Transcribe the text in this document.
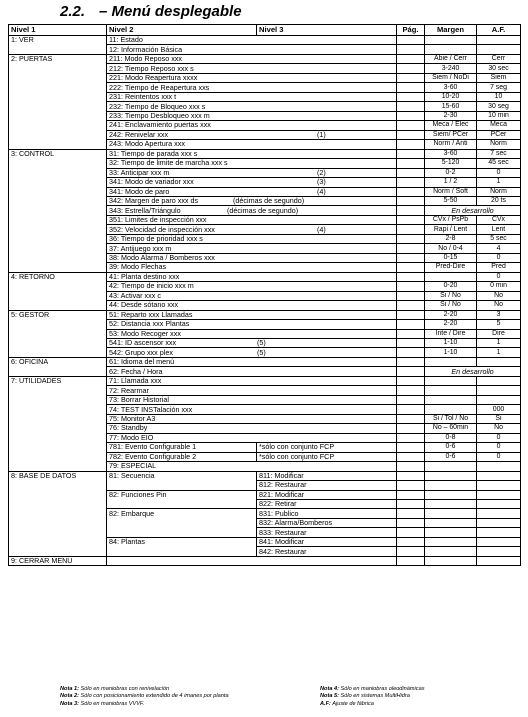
2.2. – Menú desplegable
Nivel 1	Nivel 2	Nivel 3	Pág.	Margen	A.F.
1: VER	11: Estado				
	12: Información Básica				
2: PUERTAS	211: Modo Reposo xxx			Abie / Cerr	Cerr
	212: Tiempo Reposo xxx s			3-240	30 sec
	221: Modo Reapertura xxxx			Siem / NoDi	Siem
	222: Tiempo de Reapertura xxs			3-60	7 seg
	231: Reintentos xxx t			10-20	10
	232: Tiempo de Bloqueo xxx s			15-60	30 seg
	233: Tiempo Desbloqueo xxx m			2-30	10 min
	241: Enclavamiento puertas xxx			Meca / Elec	Meca
	242: Renivelar xxx (1)			Siem/ PCer	PCer
	243: Modo Apertura xxx			Norm / Anti	Norm
3: CONTROL	31: Tiempo de parada xxx s			3-60	7 sec
	32: Tiempo de limite de marcha xxx s			5-120	45 sec
	33: Anticipar xxx m (2)			0-2	0
	341: Modo de variador xxx (3)			1 / 2	1
	341: Modo de paro (4)			Norm / Soft	Norm
	342: Margen de paro xxx ds (décimas de segundo)			5-50	20 ts
	343: Estrella/Triángulo (décimas de segundo)			En desarrollo	
	351: Limites de inspección xxx			CVx / PsPb	CVx
	352: Velocidad de inspección xxx (4)			Rapi / Lent	Lent
	36: Tiempo de prioridad xxx s			2-8	5 sec
	37: Antijuego xxx m			No / 0-4	4
	38: Modo Alarma / Bomberos xxx			0-15	0
	39: Modo Flechas			Pred-Dire	Pred
4: RETORNO	41: Planta destino xxx				0
	42: Tiempo de inicio xxx m			0-20	0 min
	43: Activar xxx c			Si / No	No
	44: Desde sótano xxx			Si / No	No
5: GESTOR	51: Reparto xxx Llamadas			2-20	3
	52: Distancia xxx Plantas			2-20	5
	53: Modo Recoger xxx			Inte / Dire	Dire
	541: ID ascensor xxx (5)			1-10	1
	542: Grupo xxx plex (5)			1-10	1
6: OFICINA	61: Idioma del menú				
	62: Fecha / Hora			En desarrollo	
7: UTILIDADES	71: Llamada xxx				
	72: Rearmar				
	73: Borrar Historial				
	74: TEST INSTalación xxx				000
	75: Monitor A3			Si / Tol / No	Si
	76: Standby			No – 60min	No
	77: Modo EIO			0-8	0
	781: Evento Configurable 1	*sólo con conjunto FCP		0-6	0
	782: Evento Configurable 2	*sólo con conjunto FCP		0-6	0
	79: ESPECIAL				
8: BASE DE DATOS	81: Secuencia	811: Modificar			
		812: Restaurar			
	82: Funciones Pin	821: Modificar			
		822: Retirar			
	82: Embarque	831: Publico			
		832: Alarma/Bomberos			
		833: Restaurar			
	84: Plantas	841: Modificar			
		842: Restaurar			
9: CERRAR MENU					
Nota 1: Sólo en maniobras con renivelación	Nota 4: Sólo en maniobras oleodinámicas
Nota 2: Sólo con posicionamiento extendido de 4 imanes por planta	Nota 5: Sólo en sistemas MultiHidra
Nota 3: Sólo en maniobras VVVF.	A.F: Ajuste de fábrica
